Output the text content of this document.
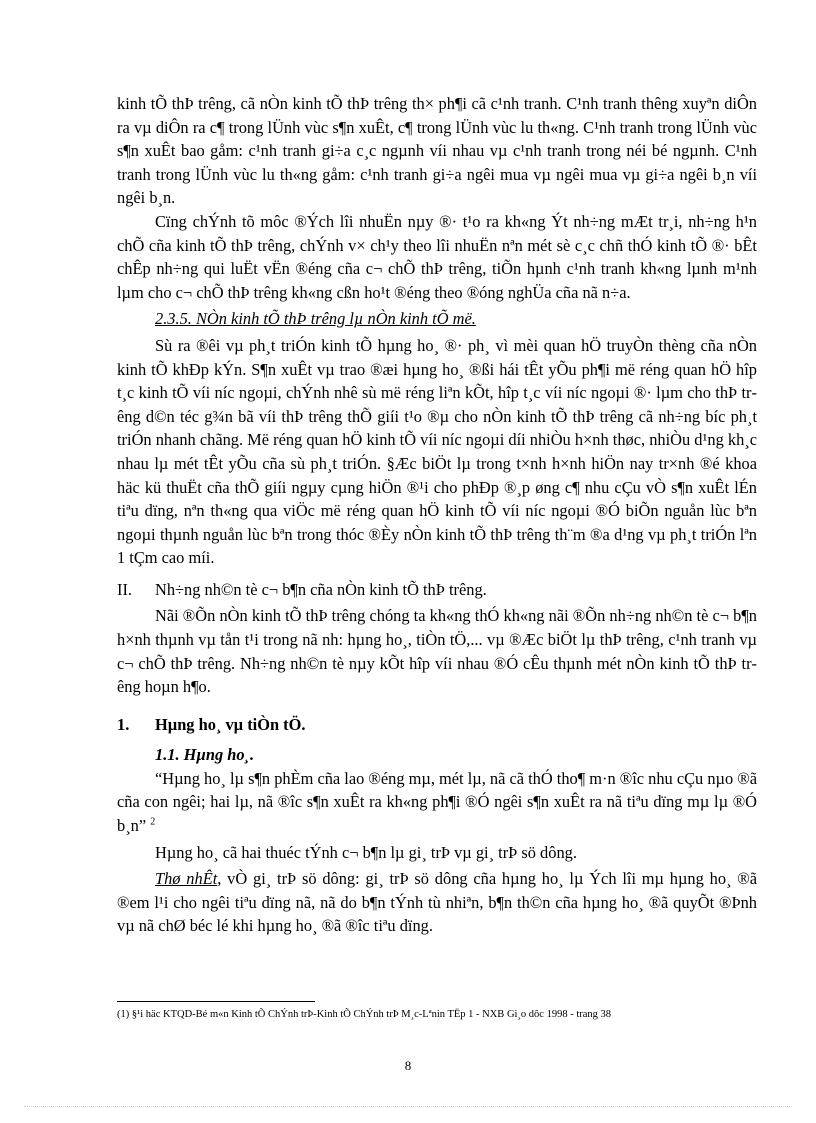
kinh tÕ thÞ trêng, cã nÒn kinh tÕ thÞ trêng th× ph¶i cã c¹nh tranh. C¹nh tranh thêng xuyªn diÔn ra vµ diÔn ra c¶ trong lÜnh vùc s¶n xuÊt, c¶ trong lÜnh vùc lu th«ng. C¹nh tranh trong lÜnh vùc s¶n xuÊt bao gåm: c¹nh tranh gi÷a c¸c ngµnh víi nhau vµ c¹nh tranh trong néi bé ngµnh. C¹nh tranh trong lÜnh vùc lu th«ng gåm: c¹nh tranh gi÷a ngêi mua vµ ngêi mua vµ gi÷a ngêi b¸n víi ngêi b¸n.

Cïng chÝnh tõ môc ®Ých lîi nhuËn nµy ®· t¹o ra kh«ng Ýt nh÷ng mÆt tr¸i, nh÷ng h¹n chÕ cña kinh tÕ thÞ trêng, chÝnh v× ch¹y theo lîi nhuËn nªn mét sè c¸c chñ thÓ kinh tÕ ®· bÊt chÊp nh÷ng qui luËt vËn ®éng cña c¬ chÕ thÞ trêng, tiÕn hµnh c¹nh tranh kh«ng lµnh m¹nh lµm cho c¬ chÕ thÞ trêng kh«ng cßn ho¹t ®éng theo ®óng nghÜa cña nã n÷a.

2.3.5. NÒn kinh tÕ thÞ trêng lµ nÒn kinh tÕ më.

Sù ra ®êi vµ ph¸t triÓn kinh tÕ hµng ho¸ ®· ph¸ vì mèi quan hÖ truyÒn thèng cña nÒn kinh tÕ khÐp kÝn. S¶n xuÊt vµ trao ®æi hµng ho¸ ®ßi hái tÊt yÕu ph¶i më réng quan hÖ hîp t¸c kinh tÕ víi níc ngoµi, chÝnh nhê sù më réng liªn kÕt, hîp t¸c víi níc ngoµi ®· lµm cho thÞ trêng d©n téc g¾n bã víi thÞ trêng thÕ giíi t¹o ®µ cho nÒn kinh tÕ thÞ trêng cã nh÷ng bíc ph¸t triÓn nhanh chãng. Më réng quan hÖ kinh tÕ víi níc ngoµi díi nhiÒu h×nh thøc, nhiÒu d¹ng kh¸c nhau lµ mét tÊt yÕu cña sù ph¸t triÓn. §Æc biÖt lµ trong t×nh h×nh hiÖn nay tr×nh ®é khoa häc kü thuËt cña thÕ giíi ngµy cµng hiÖn ®¹i cho phÐp ®¸p øng c¶ nhu cÇu vÒ s¶n xuÊt lÉn tiªu dïng, nªn th«ng qua viÖc më réng quan hÖ kinh tÕ víi níc ngoµi ®Ó biÕn nguån lùc bªn ngoµi thµnh nguån lùc bªn trong thóc ®Èy nÒn kinh tÕ thÞ trêng th¨m ®a d¹ng vµ ph¸t triÓn lªn 1 tÇm cao míi.

II.	Nh÷ng nh©n tè c¬ b¶n cña nÒn kinh tÕ thÞ trêng.

Nãi ®Õn nÒn kinh tÕ thÞ trêng chóng ta kh«ng thÓ kh«ng nãi ®Õn nh÷ng nh©n tè c¬ b¶n h×nh thµnh vµ tån t¹i trong nã nh: hµng ho¸, tiÒn tÖ,... vµ ®Æc biÖt lµ thÞ trêng, c¹nh tranh vµ c¬ chÕ thÞ trêng. Nh÷ng nh©n tè nµy kÕt hîp víi nhau ®Ó cÊu thµnh mét nÒn kinh tÕ thÞ trêng hoµn h¶o.

1.	Hµng ho¸ vµ tiÒn tÖ.
1.1. Hµng ho¸.

“Hµng ho¸ lµ s¶n phÈm cña lao ®éng mµ, mét lµ, nã cã thÓ tho¶ m·n ®îc nhu cÇu nµo ®ã cña con ngêi; hai lµ, nã ®îc s¶n xuÊt ra kh«ng ph¶i ®Ó ngêi s¶n xuÊt ra nã tiªu dïng mµ lµ ®Ó b¸n” $^2$

Hµng ho¸ cã hai thuéc tÝnh c¬ b¶n lµ gi¸ trÞ vµ gi¸ trÞ sö dông.

Thø nhÊt, vÒ gi¸ trÞ sö dông: gi¸ trÞ sö dông cña hµng ho¸ lµ Ých lîi mµ hµng ho¸ ®ã ®em l¹i cho ngêi tiªu dïng nã, nã do b¶n tÝnh tù nhiªn, b¶n th©n cña hµng ho¸ ®ã quyÕt ®Þnh vµ nã chØ béc lé khi hµng ho¸ ®ã ®îc tiªu dïng.

(1) §¹i häc KTQD-Bé m«n Kinh tÕ ChÝnh trÞ-Kinh tÕ ChÝnh trÞ M¸c-Lªnin TËp 1 - NXB Gi¸o dôc 1998 - trang 38
8
